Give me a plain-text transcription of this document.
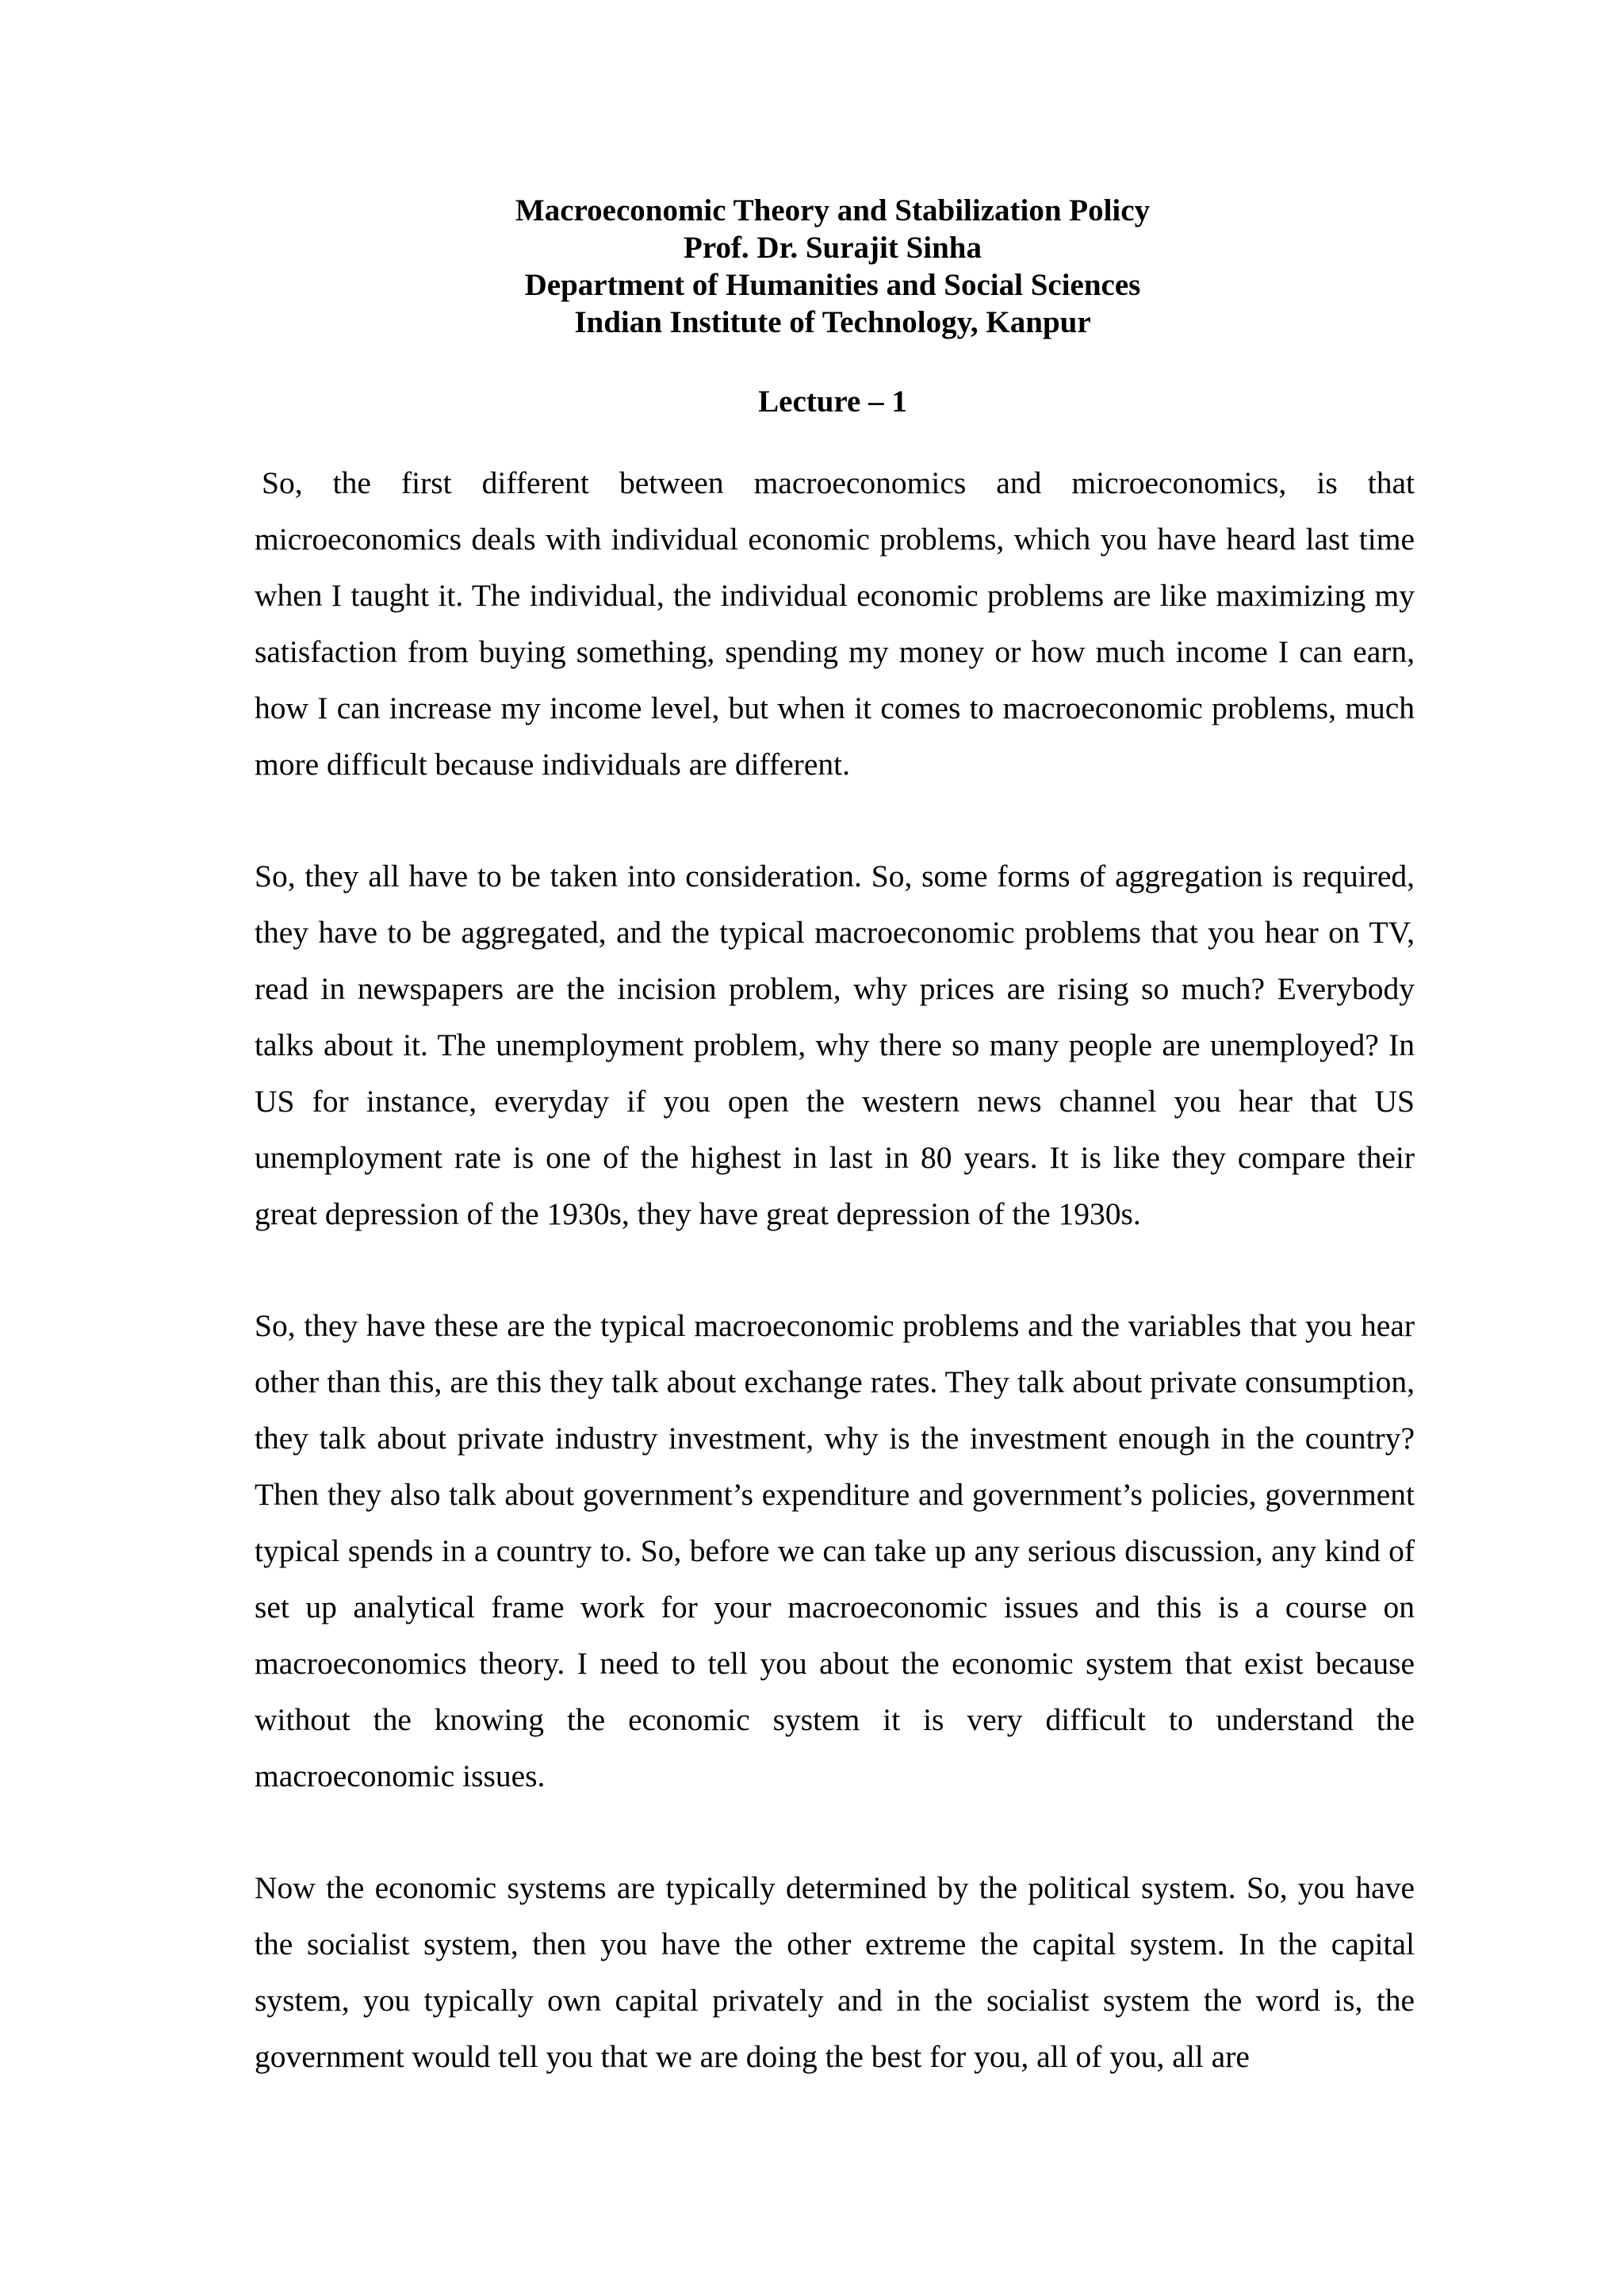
Macroeconomic Theory and Stabilization Policy
Prof. Dr. Surajit Sinha
Department of Humanities and Social Sciences
Indian Institute of Technology, Kanpur
Lecture – 1

So, the first different between macroeconomics and microeconomics, is that microeconomics deals with individual economic problems, which you have heard last time when I taught it. The individual, the individual economic problems are like maximizing my satisfaction from buying something, spending my money or how much income I can earn, how I can increase my income level, but when it comes to macroeconomic problems, much more difficult because individuals are different.

So, they all have to be taken into consideration. So, some forms of aggregation is required, they have to be aggregated, and the typical macroeconomic problems that you hear on TV, read in newspapers are the incision problem, why prices are rising so much? Everybody talks about it. The unemployment problem, why there so many people are unemployed? In US for instance, everyday if you open the western news channel you hear that US unemployment rate is one of the highest in last in 80 years. It is like they compare their great depression of the 1930s, they have great depression of the 1930s.

So, they have these are the typical macroeconomic problems and the variables that you hear other than this, are this they talk about exchange rates. They talk about private consumption, they talk about private industry investment, why is the investment enough in the country? Then they also talk about government’s expenditure and government’s policies, government typical spends in a country to. So, before we can take up any serious discussion, any kind of set up analytical frame work for your macroeconomic issues and this is a course on macroeconomics theory. I need to tell you about the economic system that exist because without the knowing the economic system it is very difficult to understand the macroeconomic issues.

Now the economic systems are typically determined by the political system. So, you have the socialist system, then you have the other extreme the capital system. In the capital system, you typically own capital privately and in the socialist system the word is, the government would tell you that we are doing the best for you, all of you, all are
